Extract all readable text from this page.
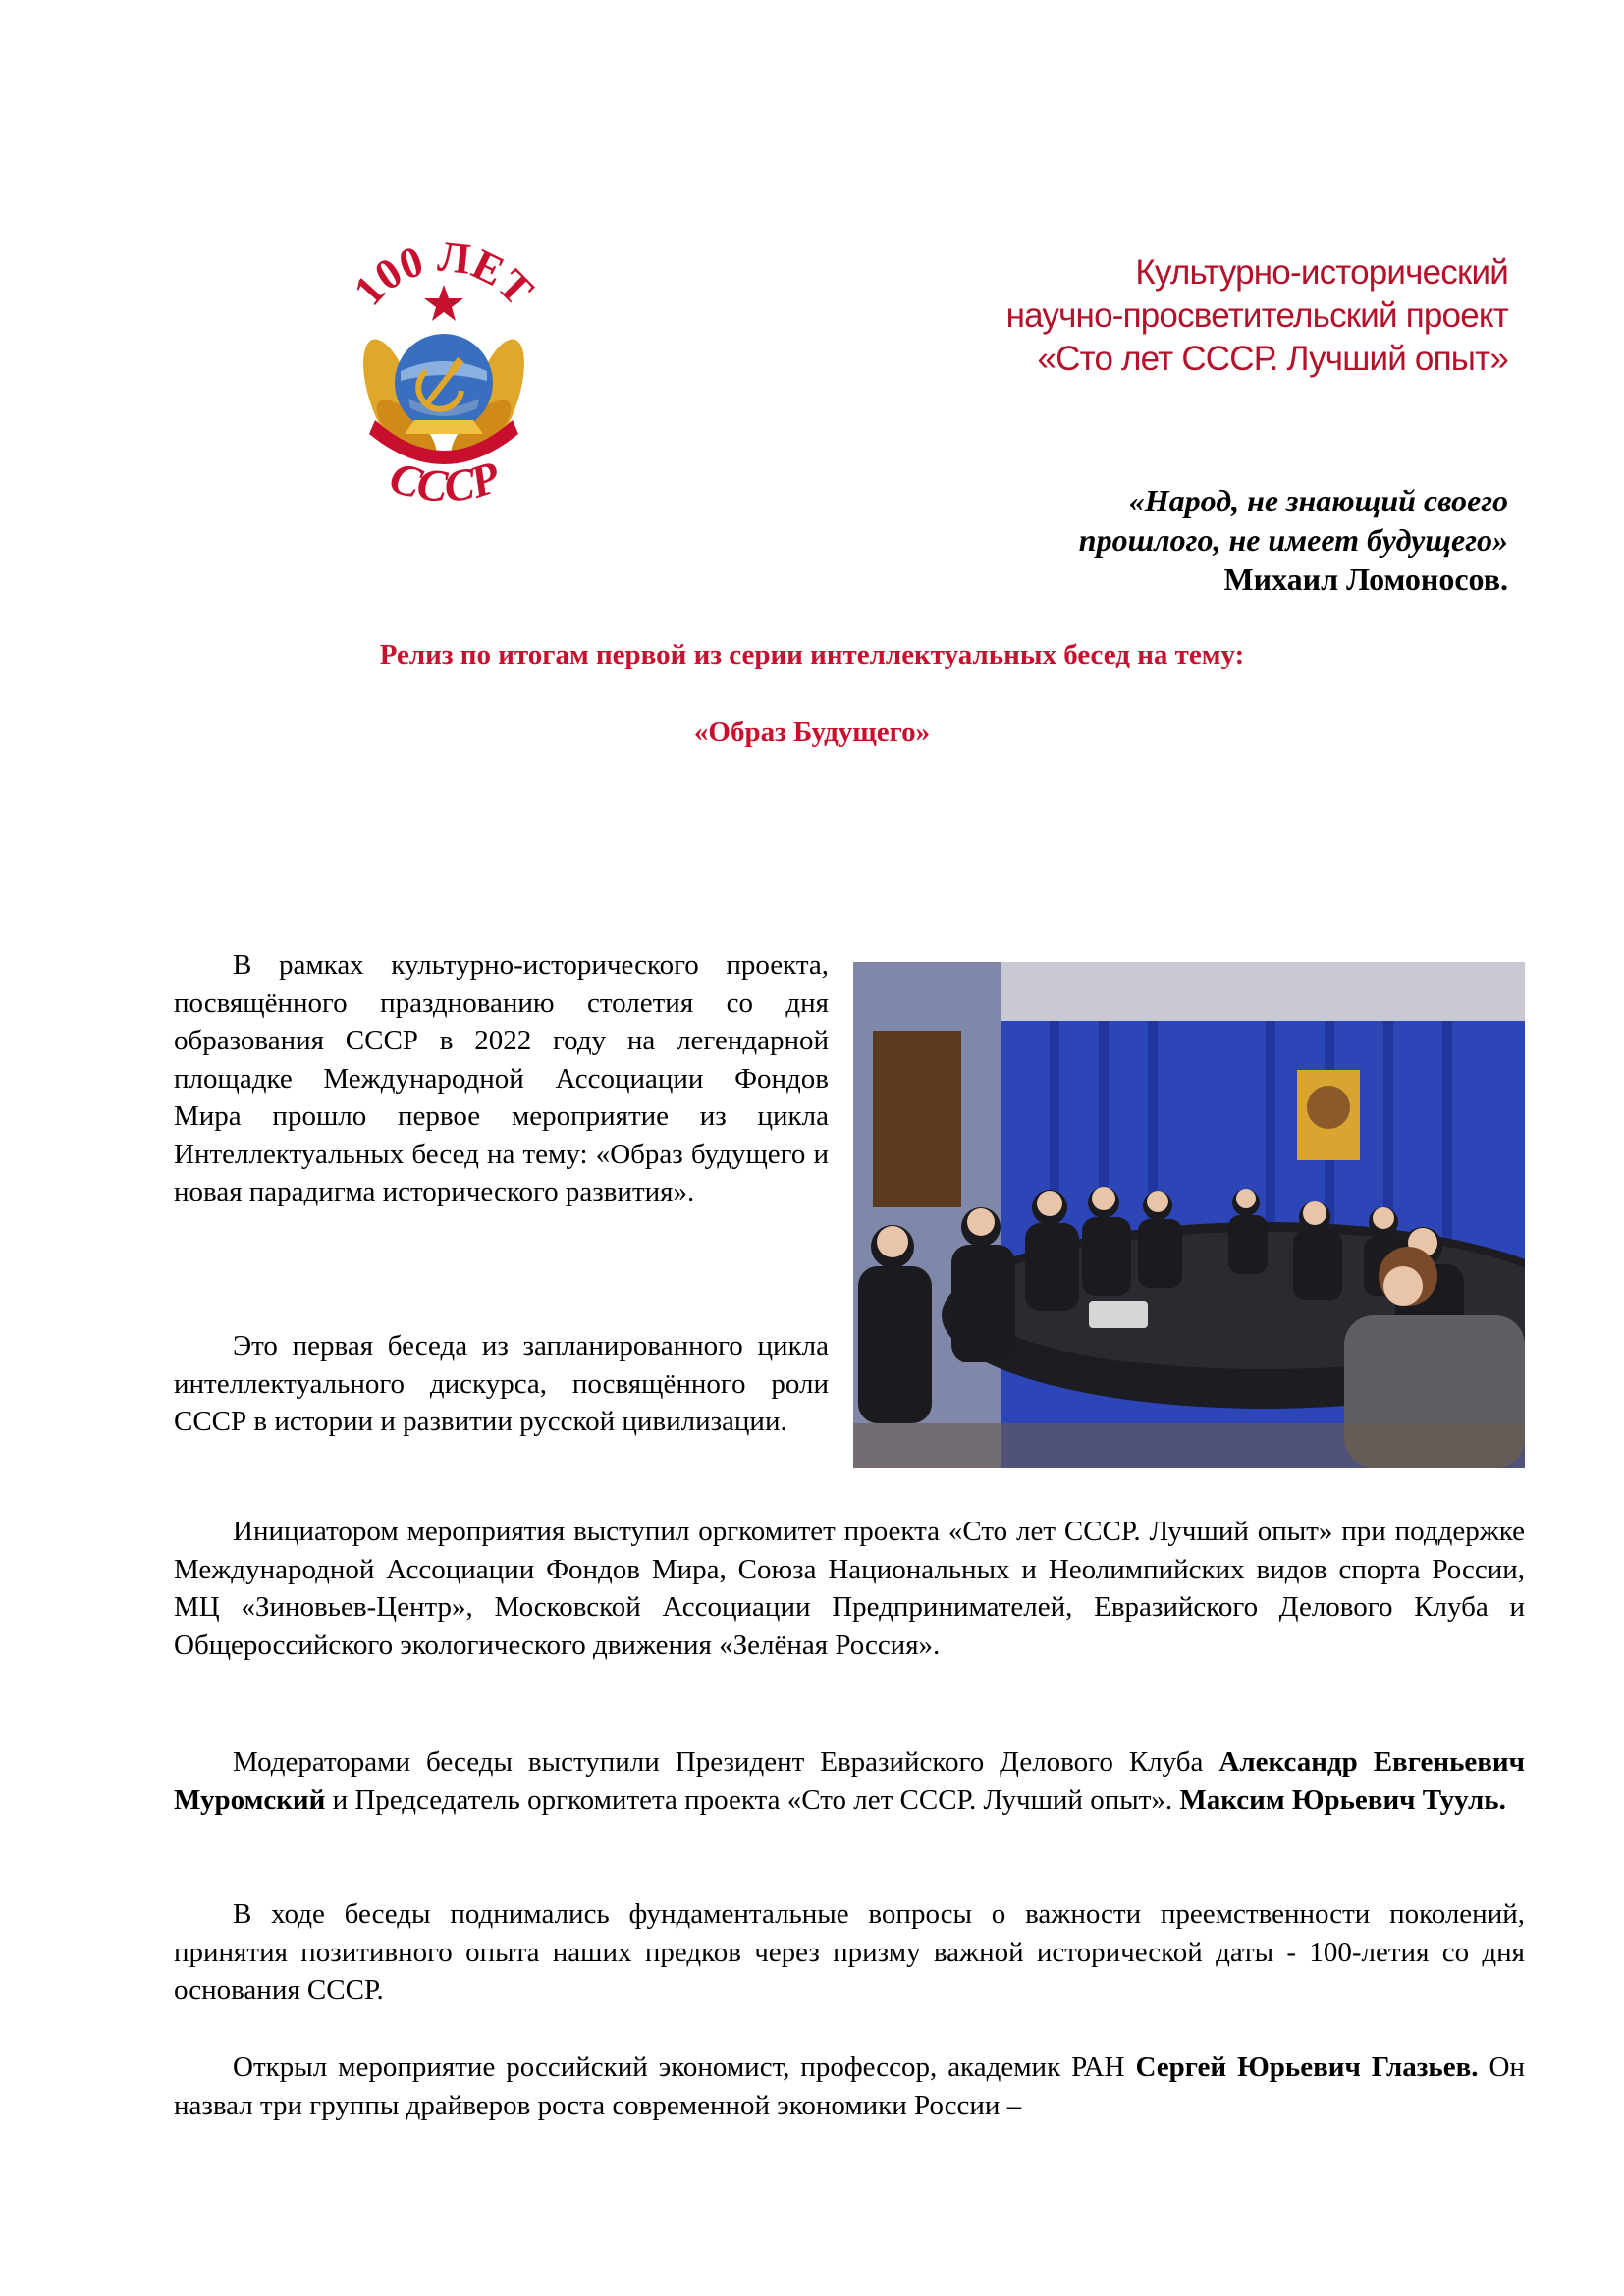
100 ЛЕТ
СССР
Культурно-исторический
научно-просветительский проект
«Сто лет СССР. Лучший опыт»
«Народ, не знающий своего
прошлого, не имеет будущего»
Михаил Ломоносов.
Релиз по итогам первой из серии интеллектуальных бесед на тему:
«Образ Будущего»
В рамках культурно-исторического проекта, посвящённого празднованию столетия со дня образования СССР в 2022 году на легендарной площадке Международной Ассоциации Фондов Мира прошло первое мероприятие из цикла Интеллектуальных бесед на тему: «Образ будущего и новая парадигма исторического развития».
Это первая беседа из запланированного цикла интеллектуального дискурса, посвящённого роли СССР в истории и развитии русской цивилизации.
Инициатором мероприятия выступил оргкомитет проекта «Сто лет СССР. Лучший опыт» при поддержке Международной Ассоциации Фондов Мира, Союза Национальных и Неолимпийских видов спорта России, МЦ «Зиновьев-Центр», Московской Ассоциации Предпринимателей, Евразийского Делового Клуба и Общероссийского экологического движения «Зелёная Россия».
Модераторами беседы выступили Президент Евразийского Делового Клуба Александр Евгеньевич Муромский и Председатель оргкомитета проекта «Сто лет СССР. Лучший опыт». Максим Юрьевич Тууль.
В ходе беседы поднимались фундаментальные вопросы о важности преемственности поколений, принятия позитивного опыта наших предков через призму важной исторической даты - 100-летия со дня основания СССР.
Открыл мероприятие российский экономист, профессор, академик РАН Сергей Юрьевич Глазьев. Он назвал три группы драйверов роста современной экономики России –
